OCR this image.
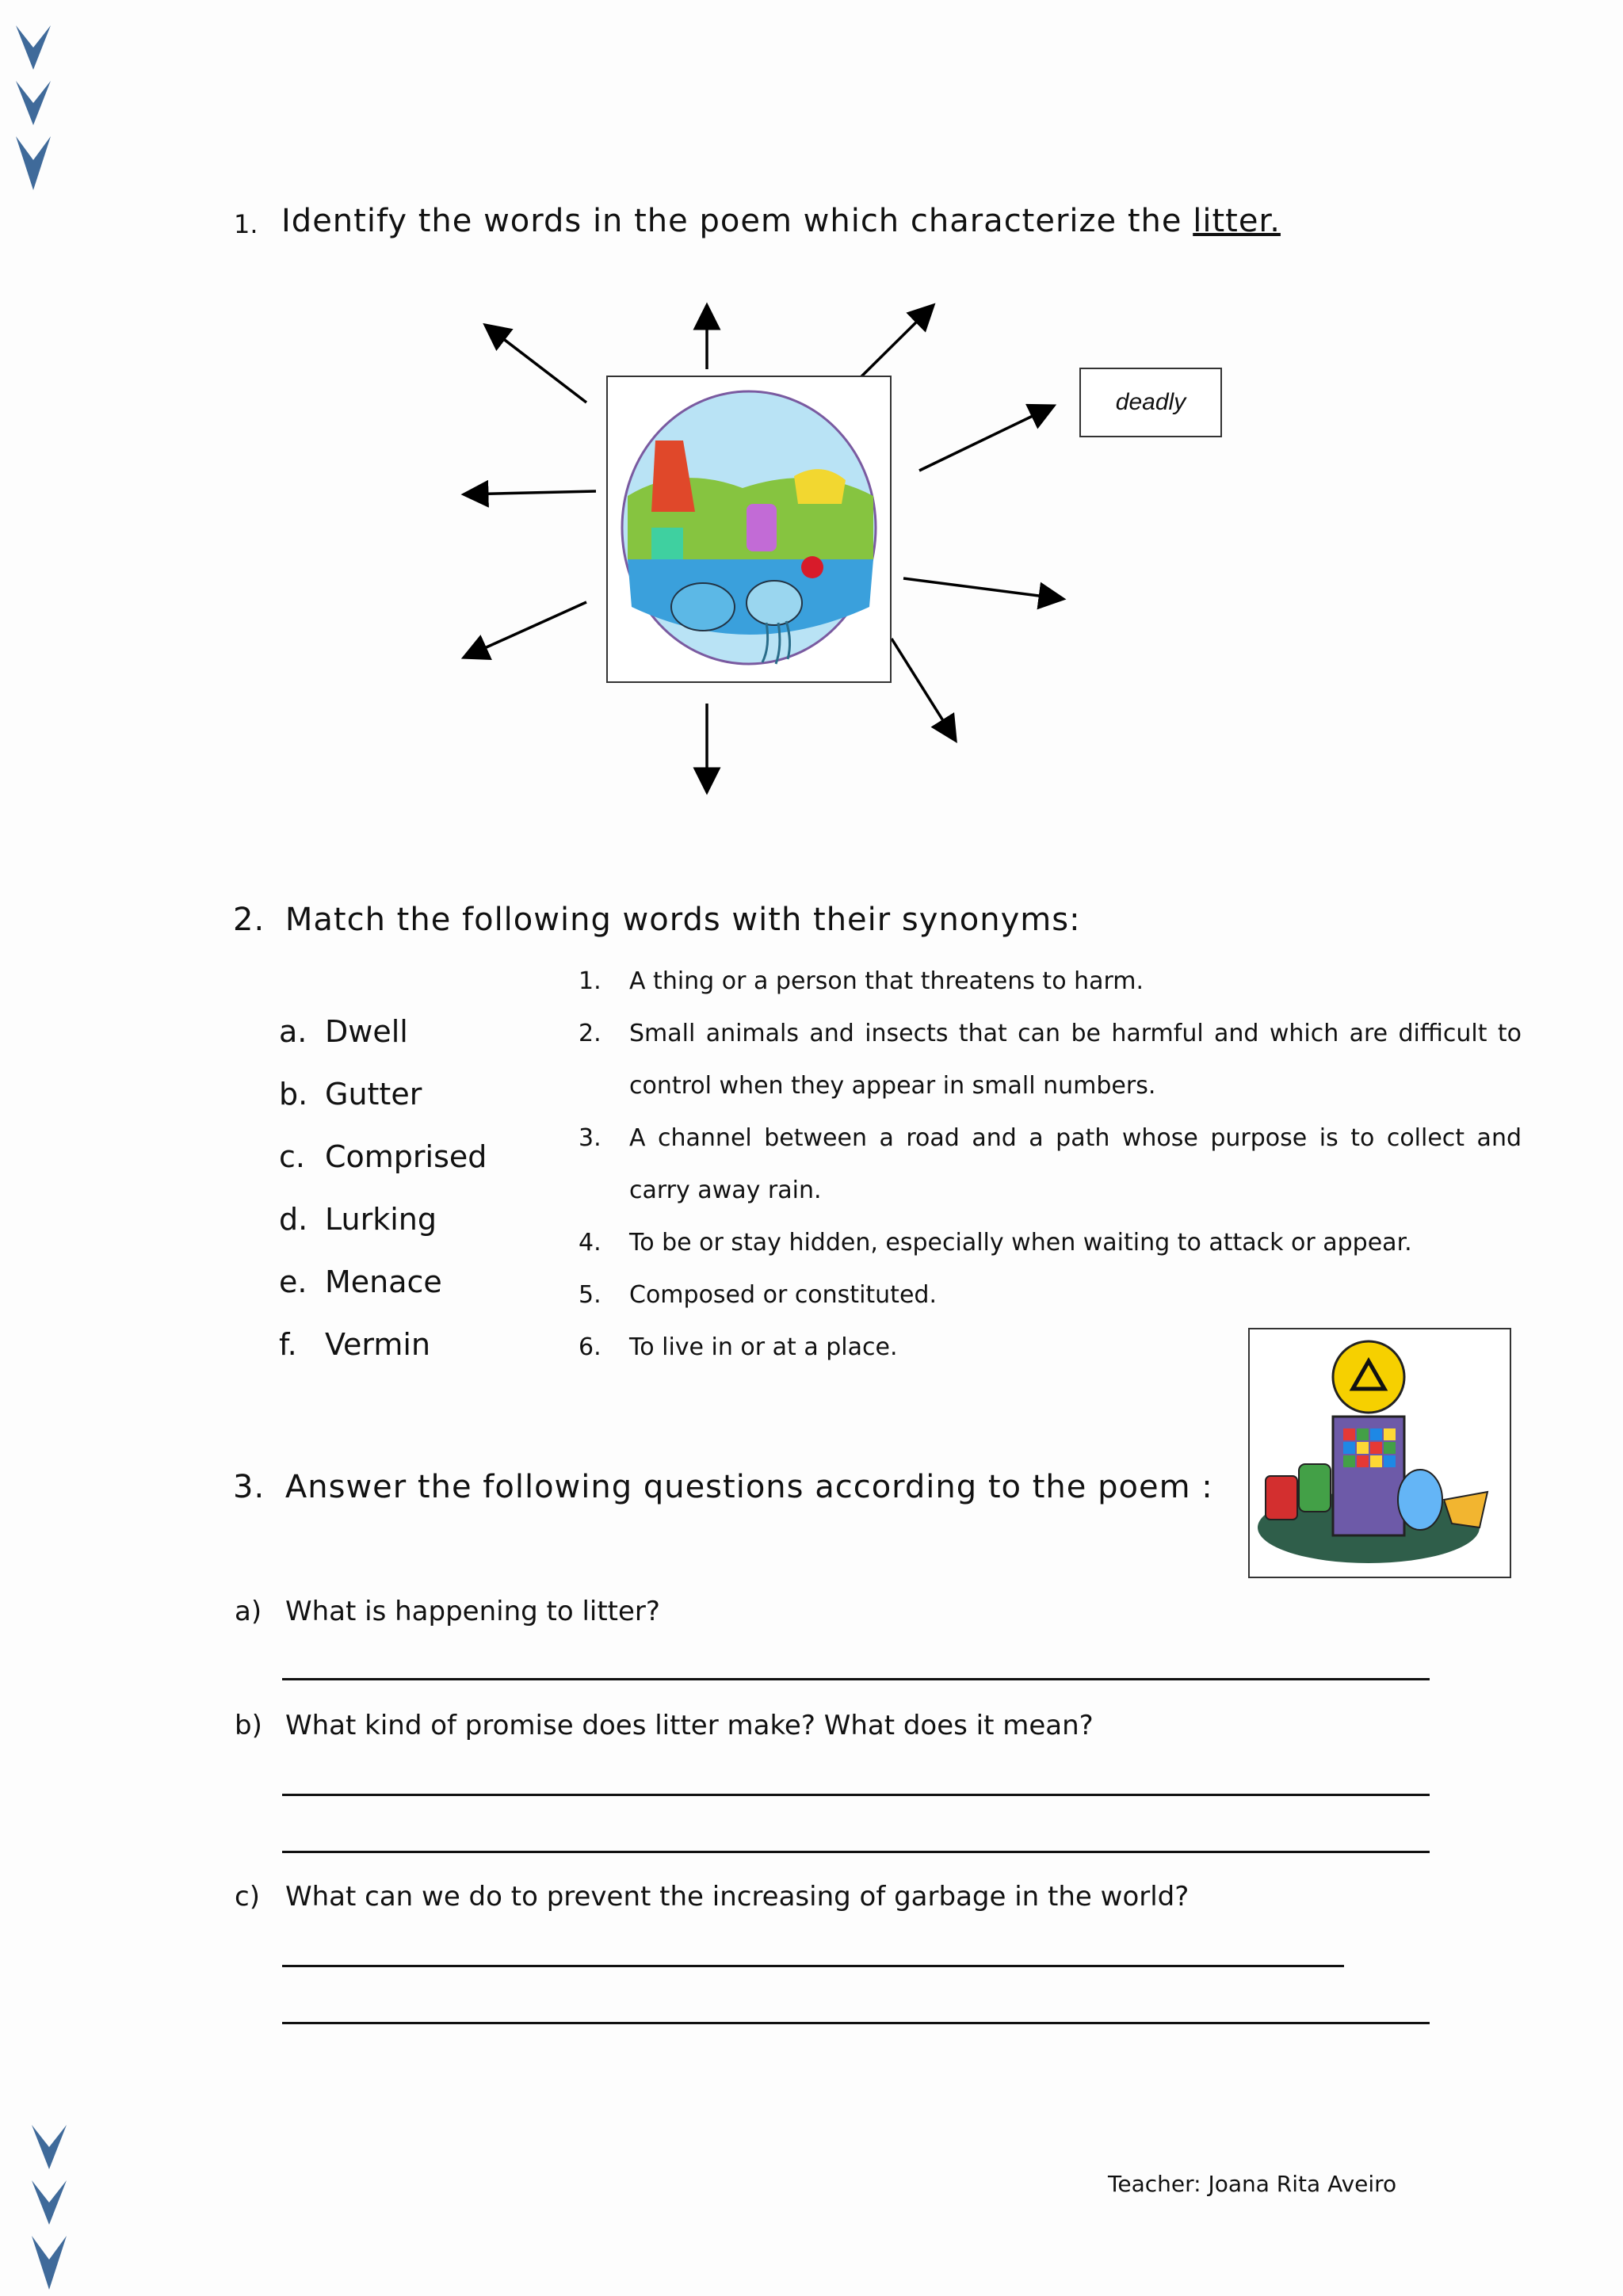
1. Identify the words in the poem which characterize the litter.
deadly
2. Match the following words with their synonyms:
a. Dwell
b. Gutter
c. Comprised
d. Lurking
e. Menace
f. Vermin
1.	A thing or a person that threatens to harm.
2.	Small animals and insects that can be harmful and which are difficult to control when they appear in small numbers.
3.	A channel between a road and a path whose purpose is to collect and carry away rain.
4.	To be or stay hidden, especially when waiting to attack or appear.
5.	Composed or constituted.
6.	To live in or at a place.
3. Answer the following questions according to the poem :
a) What is happening to litter?
b) What kind of promise does litter make? What does it mean?
c) What can we do to prevent the increasing of garbage in the world?
Teacher: Joana Rita Aveiro
